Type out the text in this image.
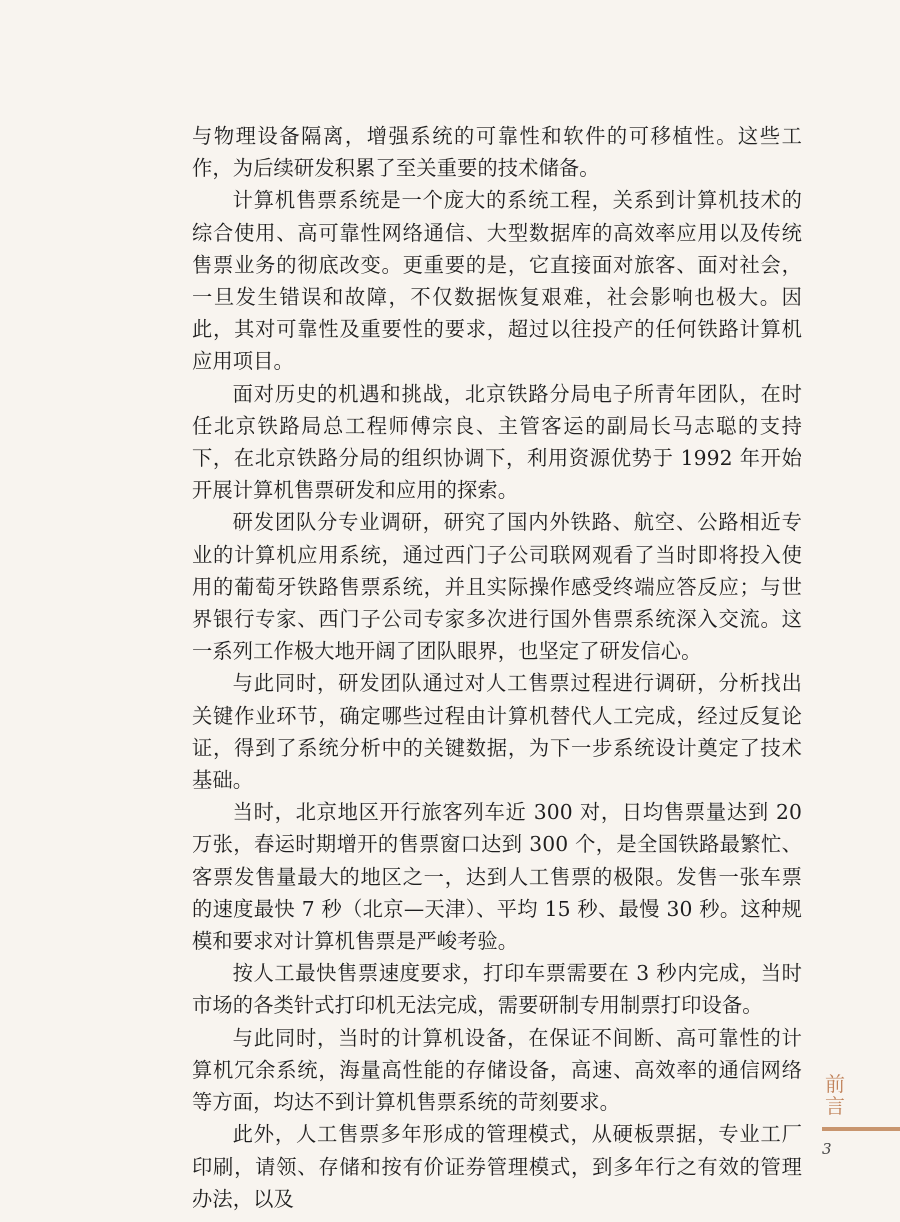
与物理设备隔离，增强系统的可靠性和软件的可移植性。这些工作，为后续研发积累了至关重要的技术储备。

计算机售票系统是一个庞大的系统工程，关系到计算机技术的综合使用、高可靠性网络通信、大型数据库的高效率应用以及传统售票业务的彻底改变。更重要的是，它直接面对旅客、面对社会，一旦发生错误和故障，不仅数据恢复艰难，社会影响也极大。因此，其对可靠性及重要性的要求，超过以往投产的任何铁路计算机应用项目。

面对历史的机遇和挑战，北京铁路分局电子所青年团队，在时任北京铁路局总工程师傅宗良、主管客运的副局长马志聪的支持下，在北京铁路分局的组织协调下，利用资源优势于 1992 年开始开展计算机售票研发和应用的探索。

研发团队分专业调研，研究了国内外铁路、航空、公路相近专业的计算机应用系统，通过西门子公司联网观看了当时即将投入使用的葡萄牙铁路售票系统，并且实际操作感受终端应答反应；与世界银行专家、西门子公司专家多次进行国外售票系统深入交流。这一系列工作极大地开阔了团队眼界，也坚定了研发信心。

与此同时，研发团队通过对人工售票过程进行调研，分析找出关键作业环节，确定哪些过程由计算机替代人工完成，经过反复论证，得到了系统分析中的关键数据，为下一步系统设计奠定了技术基础。

当时，北京地区开行旅客列车近 300 对，日均售票量达到 20 万张，春运时期增开的售票窗口达到 300 个，是全国铁路最繁忙、客票发售量最大的地区之一，达到人工售票的极限。发售一张车票的速度最快 7 秒（北京—天津）、平均 15 秒、最慢 30 秒。这种规模和要求对计算机售票是严峻考验。

按人工最快售票速度要求，打印车票需要在 3 秒内完成，当时市场的各类针式打印机无法完成，需要研制专用制票打印设备。

与此同时，当时的计算机设备，在保证不间断、高可靠性的计算机冗余系统，海量高性能的存储设备，高速、高效率的通信网络等方面，均达不到计算机售票系统的苛刻要求。

此外，人工售票多年形成的管理模式，从硬板票据，专业工厂印刷，请领、存储和按有价证券管理模式，到多年行之有效的管理办法，以及

前言
3
